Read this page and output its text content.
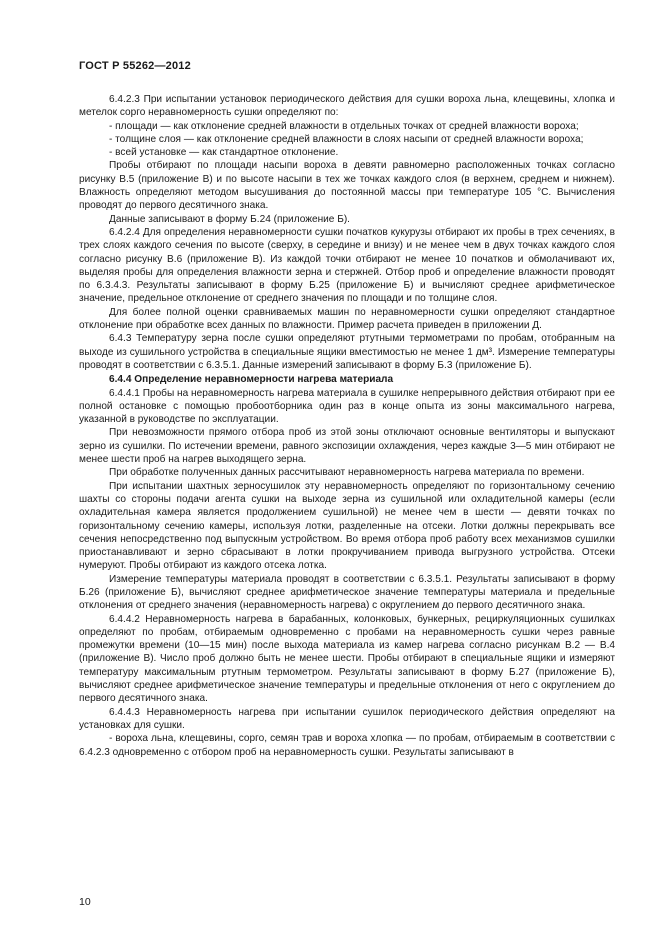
ГОСТ Р 55262—2012

6.4.2.3 При испытании установок периодического действия для сушки вороха льна, клещевины, хлопка и метелок сорго неравномерность сушки определяют по:

- площади — как отклонение средней влажности в отдельных точках от средней влажности вороха;

- толщине слоя — как отклонение средней влажности в слоях насыпи от средней влажности вороха;

- всей установке — как стандартное отклонение.

Пробы отбирают по площади насыпи вороха в девяти равномерно расположенных точках согласно рисунку В.5 (приложение В) и по высоте насыпи в тех же точках каждого слоя (в верхнем, среднем и нижнем). Влажность определяют методом высушивания до постоянной массы при температуре 105 °С. Вычисления проводят до первого десятичного знака.

Данные записывают в форму Б.24 (приложение Б).

6.4.2.4 Для определения неравномерности сушки початков кукурузы отбирают их пробы в трех сечениях, в трех слоях каждого сечения по высоте (сверху, в середине и внизу) и не менее чем в двух точках каждого слоя согласно рисунку В.6 (приложение В). Из каждой точки отбирают не менее 10 початков и обмолачивают их, выделяя пробы для определения влажности зерна и стержней. Отбор проб и определение влажности проводят по 6.3.4.3. Результаты записывают в форму Б.25 (приложение Б) и вычисляют среднее арифметическое значение, предельное отклонение от среднего значения по площади и по толщине слоя.

Для более полной оценки сравниваемых машин по неравномерности сушки определяют стандартное отклонение при обработке всех данных по влажности. Пример расчета приведен в приложении Д.

6.4.3 Температуру зерна после сушки определяют ртутными термометрами по пробам, отобранным на выходе из сушильного устройства в специальные ящики вместимостью не менее 1 дм³. Измерение температуры проводят в соответствии с 6.3.5.1. Данные измерений записывают в форму Б.3 (приложение Б).

6.4.4 Определение неравномерности нагрева материала

6.4.4.1 Пробы на неравномерность нагрева материала в сушилке непрерывного действия отбирают при ее полной остановке с помощью пробоотборника один раз в конце опыта из зоны максимального нагрева, указанной в руководстве по эксплуатации.

При невозможности прямого отбора проб из этой зоны отключают основные вентиляторы и выпускают зерно из сушилки. По истечении времени, равного экспозиции охлаждения, через каждые 3—5 мин отбирают не менее шести проб на нагрев выходящего зерна.

При обработке полученных данных рассчитывают неравномерность нагрева материала по времени.

При испытании шахтных зерносушилок эту неравномерность определяют по горизонтальному сечению шахты со стороны подачи агента сушки на выходе зерна из сушильной или охладительной камеры (если охладительная камера является продолжением сушильной) не менее чем в шести — девяти точках по горизонтальному сечению камеры, используя лотки, разделенные на отсеки. Лотки должны перекрывать все сечения непосредственно под выпускным устройством. Во время отбора проб работу всех механизмов сушилки приостанавливают и зерно сбрасывают в лотки прокручиванием привода выгрузного устройства. Отсеки нумеруют. Пробы отбирают из каждого отсека лотка.

Измерение температуры материала проводят в соответствии с 6.3.5.1. Результаты записывают в форму Б.26 (приложение Б), вычисляют среднее арифметическое значение температуры материала и предельные отклонения от среднего значения (неравномерность нагрева) с округлением до первого десятичного знака.

6.4.4.2 Неравномерность нагрева в барабанных, колонковых, бункерных, рециркуляционных сушилках определяют по пробам, отбираемым одновременно с пробами на неравномерность сушки через равные промежутки времени (10—15 мин) после выхода материала из камер нагрева согласно рисункам В.2 — В.4 (приложение В). Число проб должно быть не менее шести. Пробы отбирают в специальные ящики и измеряют температуру максимальным ртутным термометром. Результаты записывают в форму Б.27 (приложение Б), вычисляют среднее арифметическое значение температуры и предельные отклонения от него с округлением до первого десятичного знака.

6.4.4.3 Неравномерность нагрева при испытании сушилок периодического действия определяют на установках для сушки.

- вороха льна, клещевины, сорго, семян трав и вороха хлопка — по пробам, отбираемым в соответствии с 6.4.2.3 одновременно с отбором проб на неравномерность сушки. Результаты записывают в

10
